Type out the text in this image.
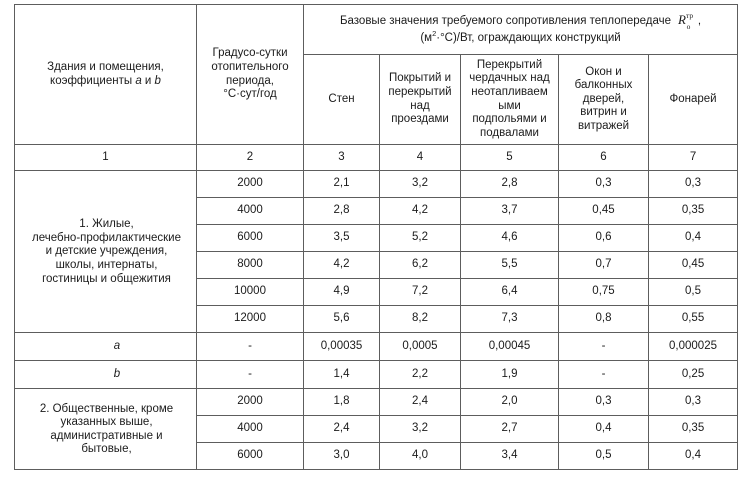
Здания и помещения, коэффициенты a и b	Градусо-сутки
отопительного
периода,
°С·сут/год	Базовые значения требуемого сопротивления теплопередаче $R^{тр}_о$ ,
$(м^2\cdot^\circ С)/Вт$, ограждающих конструкций				

Стен	Покрытий и
перекрытий
над
проездами	Перекрытий
чердачных над
неотапливаем
ыми
подпольями и
подвалами	Окон и
балконных
дверей,
витрин и
витражей	Фонарей
1	2	3	4	5	6	7
1. Жилые,
лечебно-профилактические
и детские учреждения,
школы, интернаты,
гостиницы и общежития	2000	2,1	3,2	2,8	0,3	0,3
	4000	2,8	4,2	3,7	0,45	0,35
	6000	3,5	5,2	4,6	0,6	0,4
	8000	4,2	6,2	5,5	0,7	0,45
	10000	4,9	7,2	6,4	0,75	0,5
	12000	5,6	8,2	7,3	0,8	0,55
a	-	0,00035	0,0005	0,00045	-	0,000025
b	-	1,4	2,2	1,9	-	0,25
2. Общественные, кроме
указанных выше,
административные и
бытовые,	2000	1,8	2,4	2,0	0,3	0,3
	4000	2,4	3,2	2,7	0,4	0,35
	6000	3,0	4,0	3,4	0,5	0,4
